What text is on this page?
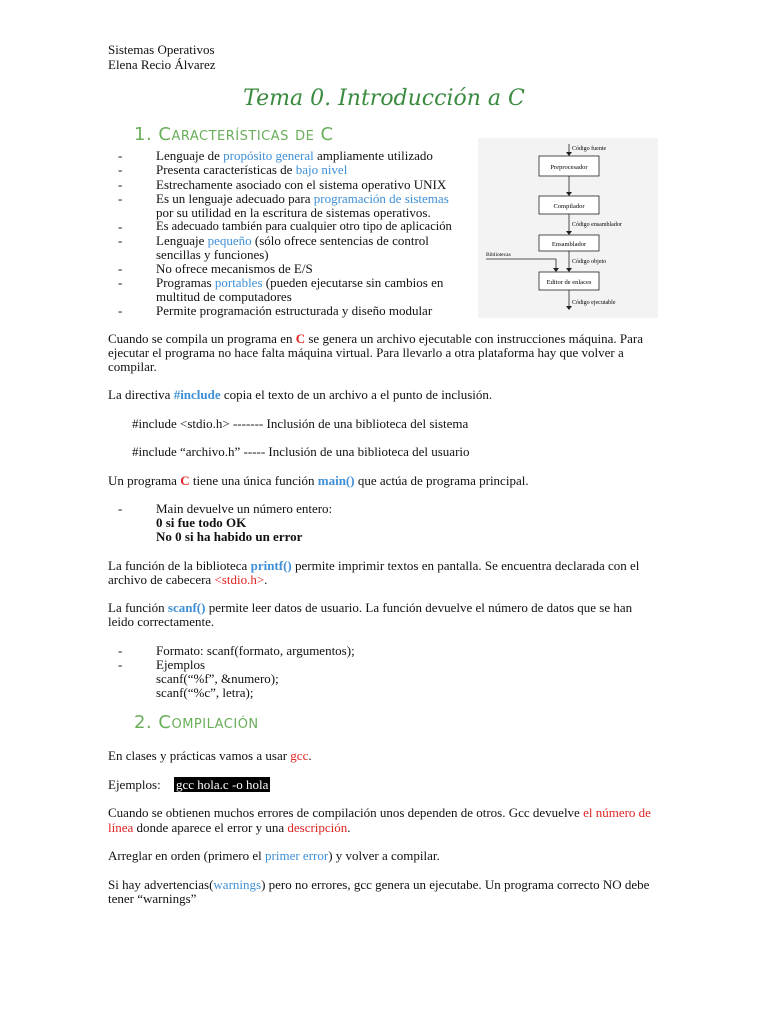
Sistemas Operativos
Elena Recio Álvarez
Tema 0. Introducción a C
1. Características de C
-	Lenguaje de propósito general ampliamente utilizado
-	Presenta características de bajo nivel
-	Estrechamente asociado con el sistema operativo UNIX
-	Es un lenguaje adecuado para programación de sistemas
por su utilidad en la escritura de sistemas operativos.
-	Es adecuado también para cualquier otro tipo de aplicación
-	Lenguaje pequeño (sólo ofrece sentencias de control
sencillas y funciones)
-	No ofrece mecanismos de E/S
-	Programas portables (pueden ejecutarse sin cambios en
multitud de computadores
-	Permite programación estructurada y diseño modular
Código fuente
Preprocesador
Compilador
Código ensamblador
Ensamblador
Código objeto
Bibliotecas
Editor de enlaces
Código ejecutable
Cuando se compila un programa en C se genera un archivo ejecutable con instrucciones máquina. Para
ejecutar el programa no hace falta máquina virtual. Para llevarlo a otra plataforma hay que volver a
compilar.
La directiva #include copia el texto de un archivo a el punto de inclusión.
#include <stdio.h> ------- Inclusión de una biblioteca del sistema
#include “archivo.h” ----- Inclusión de una biblioteca del usuario
Un programa C tiene una única función main() que actúa de programa principal.
-	Main devuelve un número entero:
0 si fue todo OK
No 0 si ha habido un error
La función de la biblioteca printf() permite imprimir textos en pantalla. Se encuentra declarada con el
archivo de cabecera <stdio.h>.
La función scanf() permite leer datos de usuario. La función devuelve el número de datos que se han
leido correctamente.
-	Formato: scanf(formato, argumentos);
-	Ejemplos
scanf(“%f”, &numero);
scanf(“%c”, letra);
2. Compilación
En clases y prácticas vamos a usar gcc.
Ejemplos: gcc hola.c -o hola
Cuando se obtienen muchos errores de compilación unos dependen de otros. Gcc devuelve el número de
línea donde aparece el error y una descripción.
Arreglar en orden (primero el primer error) y volver a compilar.
Si hay advertencias(warnings) pero no errores, gcc genera un ejecutabe. Un programa correcto NO debe
tener “warnings”
